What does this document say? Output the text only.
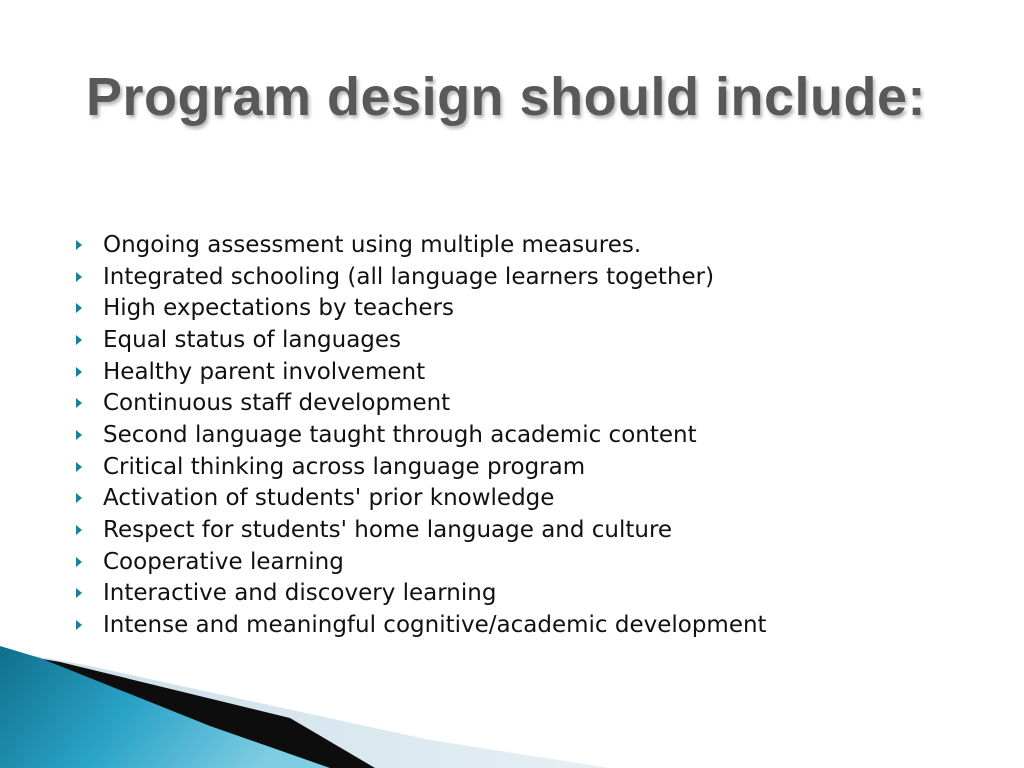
Program design should include:
Ongoing assessment using multiple measures.
Integrated schooling (all language learners together)
High expectations by teachers
Equal status of languages
Healthy parent involvement
Continuous staff development
Second language taught through academic content
Critical thinking across language program
Activation of students' prior knowledge
Respect for students' home language and culture
Cooperative learning
Interactive and discovery learning
Intense and meaningful cognitive/academic development
